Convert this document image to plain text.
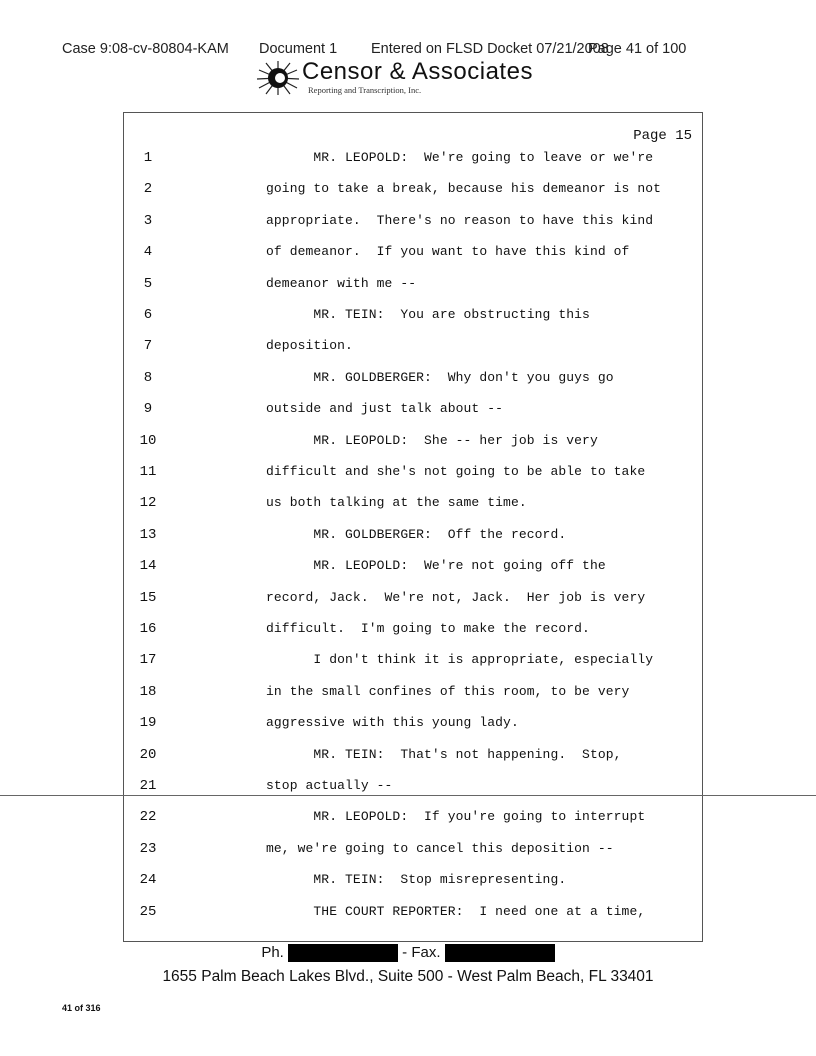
Case 9:08-cv-80804-KAM Document 1 Entered on FLSD Docket 07/21/2008
Page 41 of 100
Censor & Associates
Reporting and Transcription, Inc.
Page 15
1	MR. LEOPOLD:  We're going to leave or we're
2	going to take a break, because his demeanor is not
3	appropriate.  There's no reason to have this kind
4	of demeanor.  If you want to have this kind of
5	demeanor with me --
6	MR. TEIN:  You are obstructing this
7	deposition.
8	MR. GOLDBERGER:  Why don't you guys go
9	outside and just talk about --
10	MR. LEOPOLD:  She -- her job is very
11	difficult and she's not going to be able to take
12	us both talking at the same time.
13	MR. GOLDBERGER:  Off the record.
14	MR. LEOPOLD:  We're not going off the
15	record, Jack.  We're not, Jack.  Her job is very
16	difficult.  I'm going to make the record.
17	I don't think it is appropriate, especially
18	in the small confines of this room, to be very
19	aggressive with this young lady.
20	MR. TEIN:  That's not happening.  Stop,
21	stop actually --
22	MR. LEOPOLD:  If you're going to interrupt
23	me, we're going to cancel this deposition --
24	MR. TEIN:  Stop misrepresenting.
25	THE COURT REPORTER:  I need one at a time,
Ph.	- Fax.
1655 Palm Beach Lakes Blvd., Suite 500 - West Palm Beach, FL 33401
41 of 316
